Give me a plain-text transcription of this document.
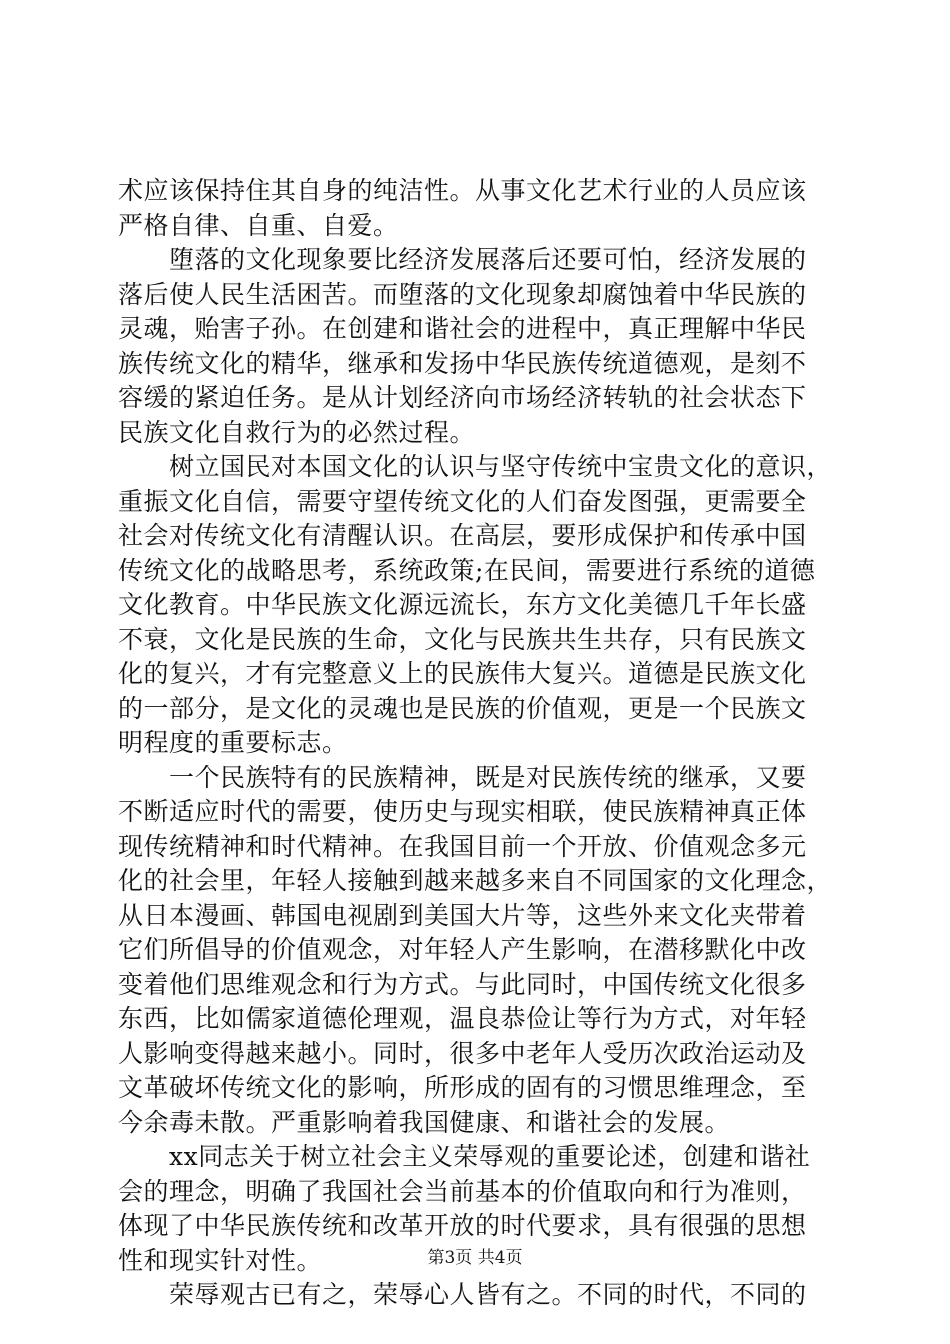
术应该保持住其自身的纯洁性。从事文化艺术行业的人员应该
严格自律、自重、自爱。
　　堕落的文化现象要比经济发展落后还要可怕，经济发展的
落后使人民生活困苦。而堕落的文化现象却腐蚀着中华民族的
灵魂，贻害子孙。在创建和谐社会的进程中，真正理解中华民
族传统文化的精华，继承和发扬中华民族传统道德观，是刻不
容缓的紧迫任务。是从计划经济向市场经济转轨的社会状态下
民族文化自救行为的必然过程。
　　树立国民对本国文化的认识与坚守传统中宝贵文化的意识，
重振文化自信，需要守望传统文化的人们奋发图强，更需要全
社会对传统文化有清醒认识。在高层，要形成保护和传承中国
传统文化的战略思考，系统政策;在民间，需要进行系统的道德
文化教育。中华民族文化源远流长，东方文化美德几千年长盛
不衰，文化是民族的生命，文化与民族共生共存，只有民族文
化的复兴，才有完整意义上的民族伟大复兴。道德是民族文化
的一部分，是文化的灵魂也是民族的价值观，更是一个民族文
明程度的重要标志。
　　一个民族特有的民族精神，既是对民族传统的继承，又要
不断适应时代的需要，使历史与现实相联，使民族精神真正体
现传统精神和时代精神。在我国目前一个开放、价值观念多元
化的社会里，年轻人接触到越来越多来自不同国家的文化理念，
从日本漫画、韩国电视剧到美国大片等，这些外来文化夹带着
它们所倡导的价值观念，对年轻人产生影响，在潜移默化中改
变着他们思维观念和行为方式。与此同时，中国传统文化很多
东西，比如儒家道德伦理观，温良恭俭让等行为方式，对年轻
人影响变得越来越小。同时，很多中老年人受历次政治运动及
文革破坏传统文化的影响，所形成的固有的习惯思维理念，至
今余毒未散。严重影响着我国健康、和谐社会的发展。
　　xx同志关于树立社会主义荣辱观的重要论述，创建和谐社
会的理念，明确了我国社会当前基本的价值取向和行为准则，
体现了中华民族传统和改革开放的时代要求，具有很强的思想
性和现实针对性。
　　荣辱观古已有之，荣辱心人皆有之。不同的时代，不同的
第3页 共4页
